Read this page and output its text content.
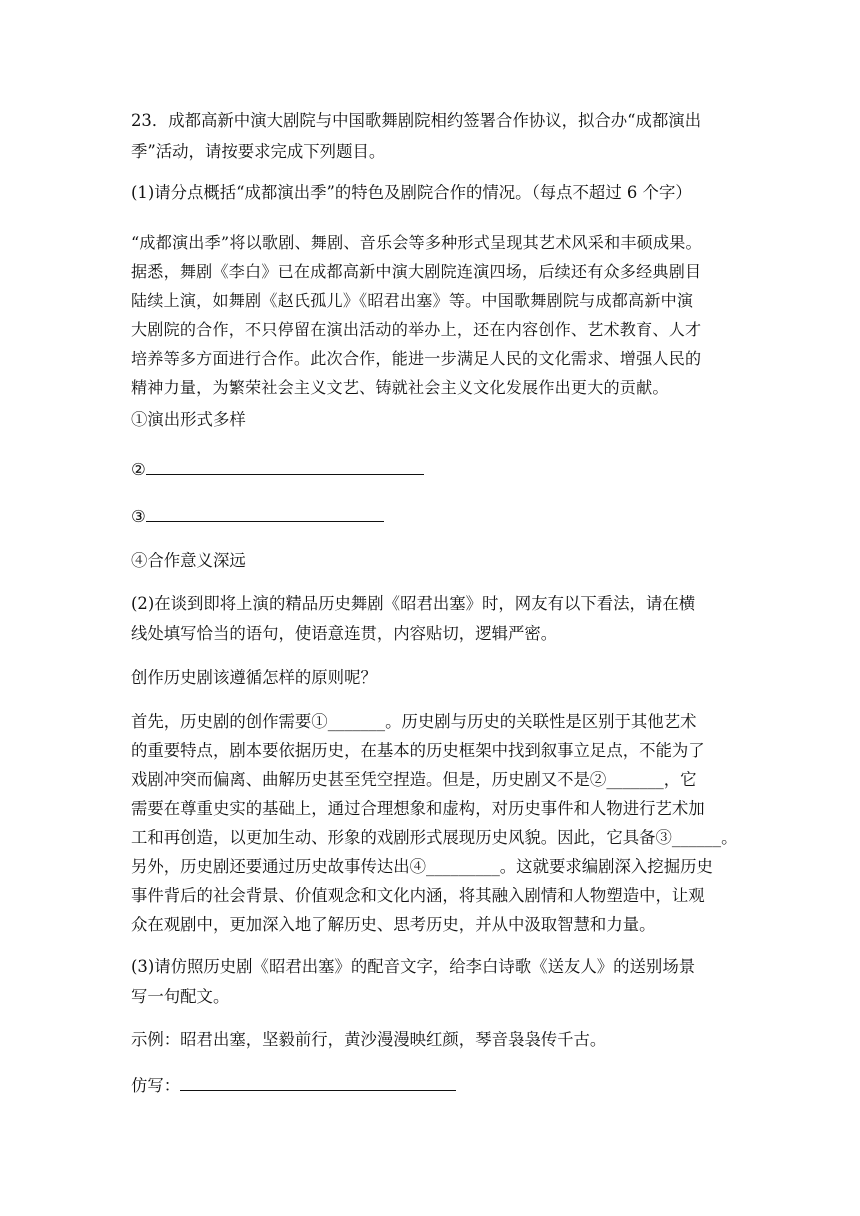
23．成都高新中演大剧院与中国歌舞剧院相约签署合作协议，拟合办“成都演出
季”活动，请按要求完成下列题目。
(1)请分点概括“成都演出季”的特色及剧院合作的情况。（每点不超过 6 个字）
“成都演出季”将以歌剧、舞剧、音乐会等多种形式呈现其艺术风采和丰硕成果。
据悉，舞剧《李白》已在成都高新中演大剧院连演四场，后续还有众多经典剧目
陆续上演，如舞剧《赵氏孤儿》《昭君出塞》等。中国歌舞剧院与成都高新中演
大剧院的合作，不只停留在演出活动的举办上，还在内容创作、艺术教育、人才
培养等多方面进行合作。此次合作，能进一步满足人民的文化需求、增强人民的
精神力量，为繁荣社会主义文艺、铸就社会主义文化发展作出更大的贡献。
①演出形式多样
②
③
④合作意义深远
(2)在谈到即将上演的精品历史舞剧《昭君出塞》时，网友有以下看法，请在横
线处填写恰当的语句，使语意连贯，内容贴切，逻辑严密。
创作历史剧该遵循怎样的原则呢？
首先，历史剧的创作需要①_______。历史剧与历史的关联性是区别于其他艺术
的重要特点，剧本要依据历史，在基本的历史框架中找到叙事立足点，不能为了
戏剧冲突而偏离、曲解历史甚至凭空捏造。但是，历史剧又不是②_______，它
需要在尊重史实的基础上，通过合理想象和虚构，对历史事件和人物进行艺术加
工和再创造，以更加生动、形象的戏剧形式展现历史风貌。因此，它具备③______。
另外，历史剧还要通过历史故事传达出④_________。这就要求编剧深入挖掘历史
事件背后的社会背景、价值观念和文化内涵，将其融入剧情和人物塑造中，让观
众在观剧中，更加深入地了解历史、思考历史，并从中汲取智慧和力量。
(3)请仿照历史剧《昭君出塞》的配音文字，给李白诗歌《送友人》的送别场景
写一句配文。
示例：昭君出塞，坚毅前行，黄沙漫漫映红颜，琴音袅袅传千古。
仿写：
